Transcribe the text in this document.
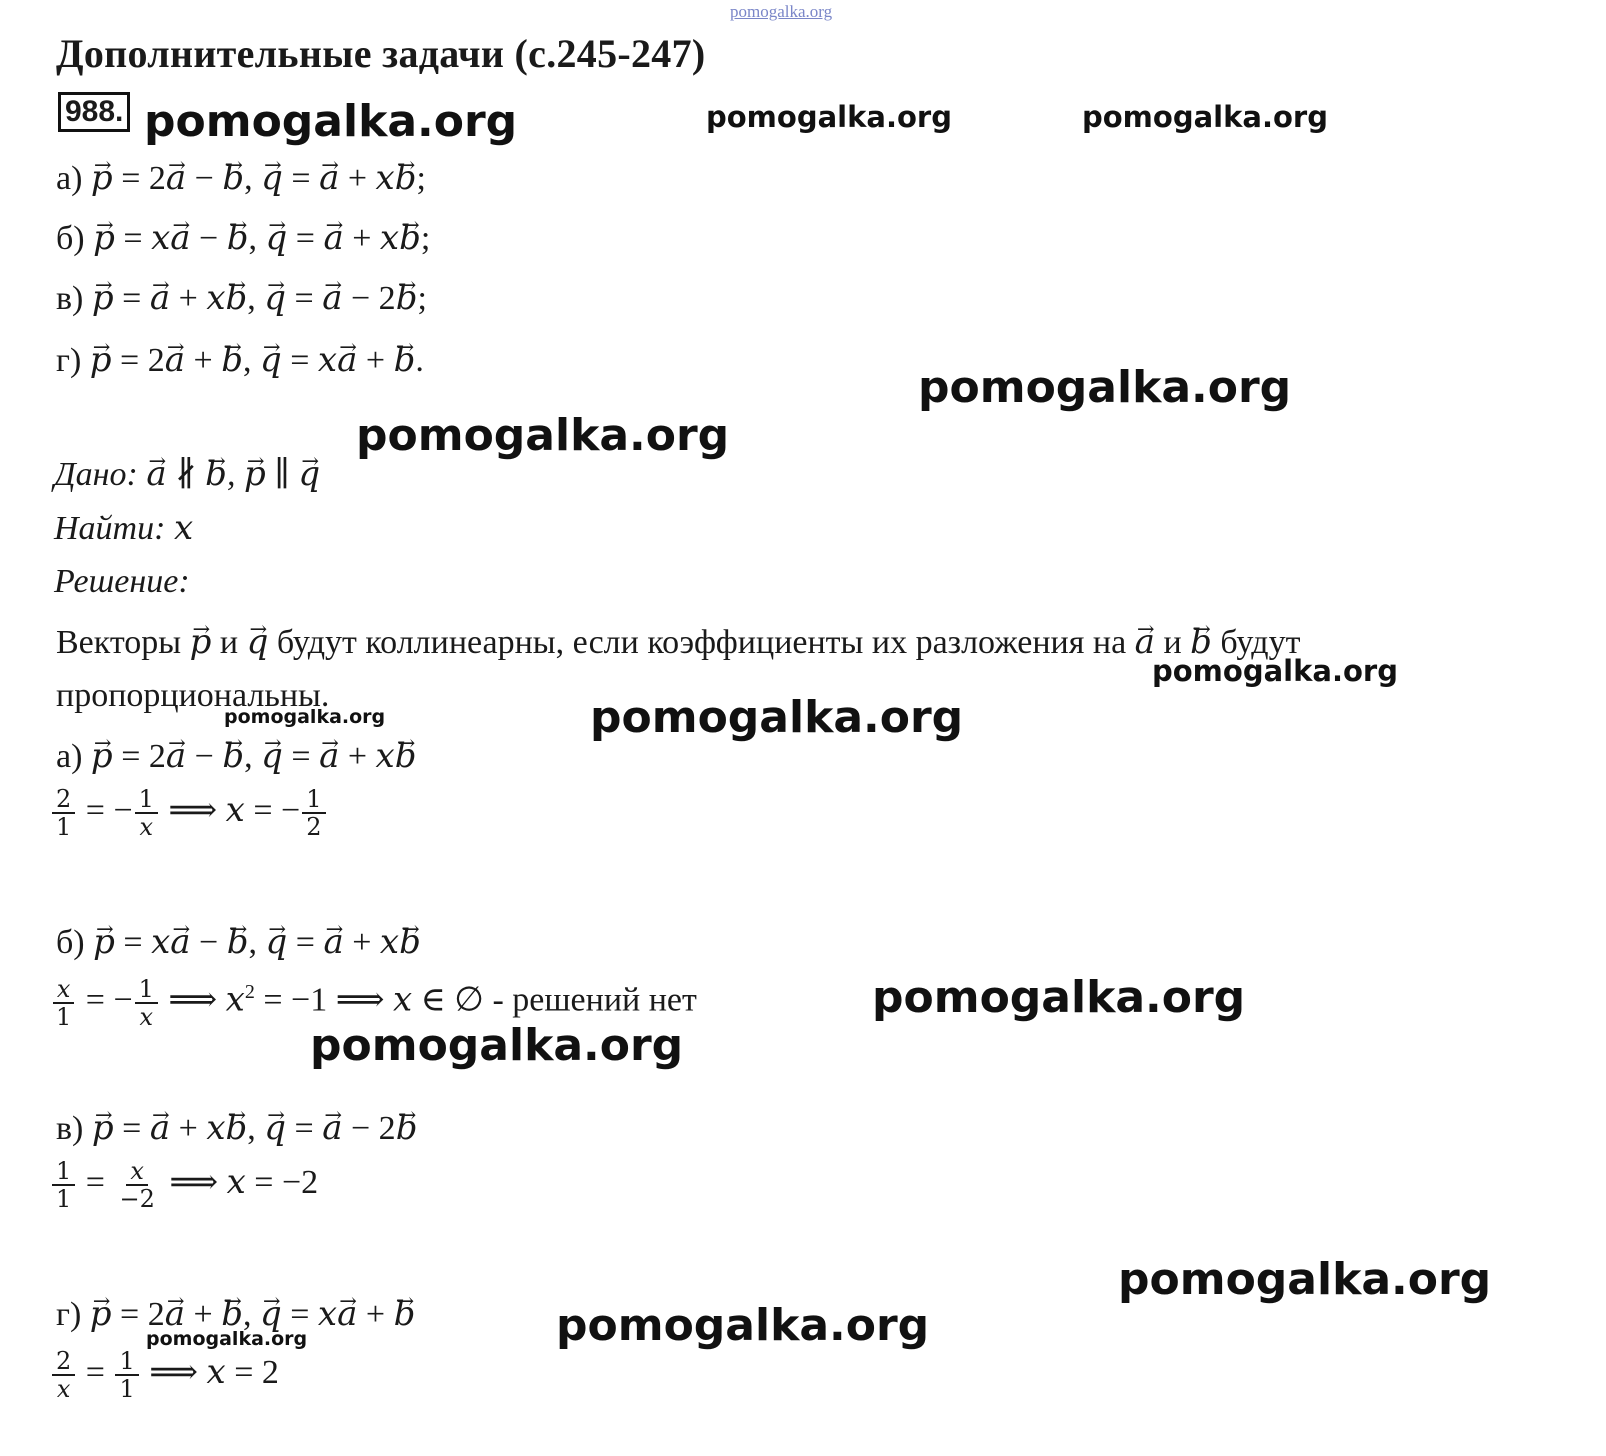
pomogalka.org
Дополнительные задачи (с.245-247)
988.
а) → p = 2→ a − → b, → q = → a + x→ b;
б) → p = x→ a − → b, → q = → a + x→ b;
в) → p = → a + x→ b, → q = → a − 2→ b;
г) → p = 2→ a + → b, → q = x→ a + → b.
Дано: → a ∦ → b, → p ∥ → q
Найти: x
Решение:
Векторы → p и → q будут коллинеарны, если коэффициенты их разложения на → a и → b будут
пропорциональны.
а) → p = 2→ a − → b, → q = → a + x→ b
$\frac{2}{1}$ = − $\frac{1}{x}$ ⟹ x = − $\frac{1}{2}$
б) → p = x→ a − → b, → q = → a + x→ b
$\frac{x}{1}$ = − $\frac{1}{x}$ ⟹ $x^2 = -1$ ⟹ x ∈ ∅ - решений нет
в) → p = → a + x→ b, → q = → a − 2→ b
$\frac{1}{1} = \frac{x}{-2}$ ⟹ x = −2
г) → p = 2→ a + → b, → q = x→ a + → b
$\frac{2}{x} = \frac{1}{1}$ ⟹ x = 2
pomogalka.org	pomogalka.org	pomogalka.org
pomogalka.org
pomogalka.org
pomogalka.org
pomogalka.org
pomogalka.org
pomogalka.org
pomogalka.org
pomogalka.org
pomogalka.org	pomogalka.org
